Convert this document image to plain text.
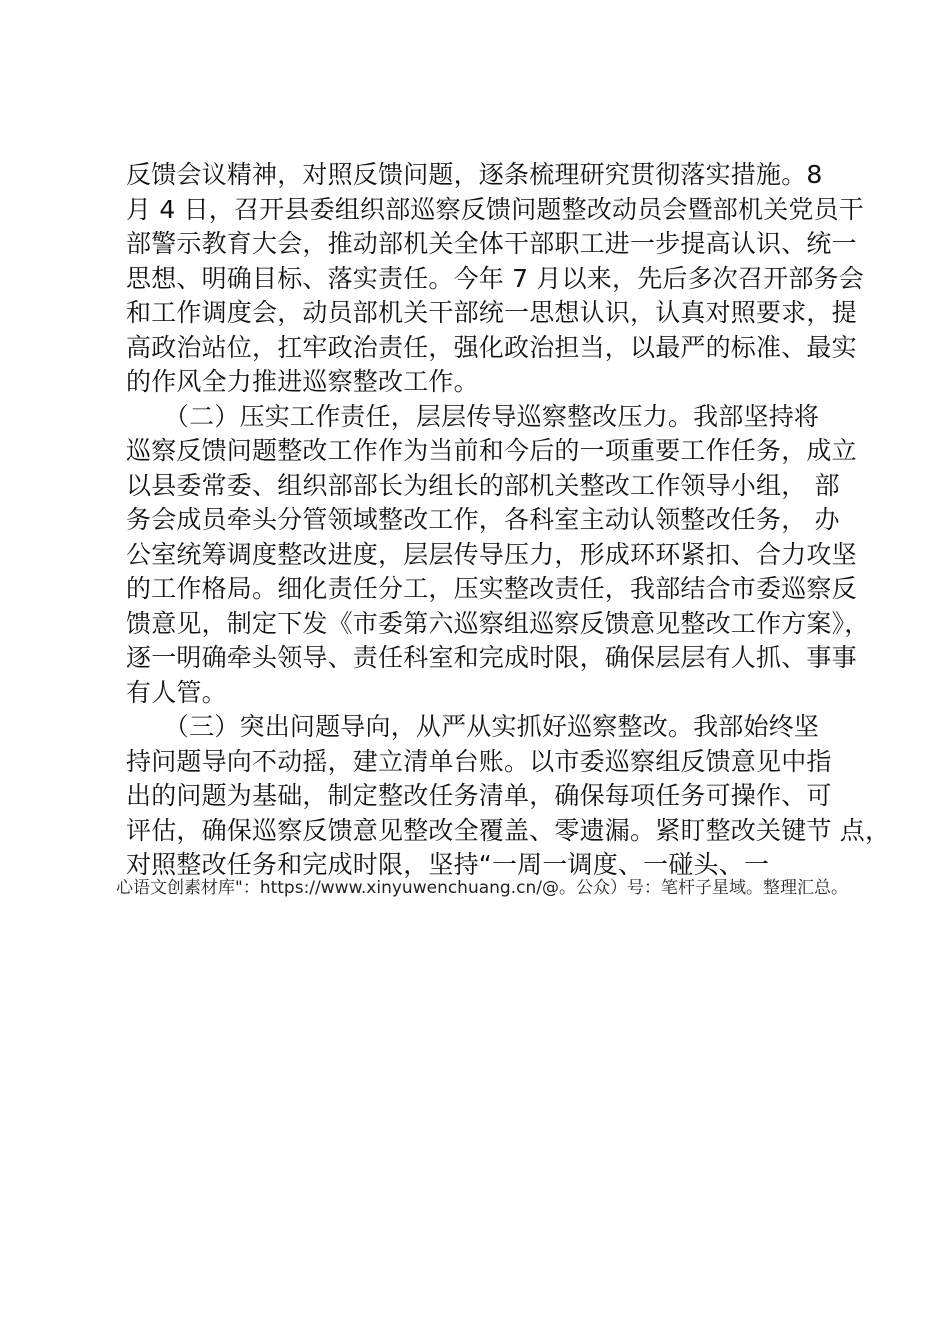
反馈会议精神，对照反馈问题，逐条梳理研究贯彻落实措施。8
月 4 日，召开县委组织部巡察反馈问题整改动员会暨部机关党员干
部警示教育大会，推动部机关全体干部职工进一步提高认识、统一
思想、明确目标、落实责任。今年 7 月以来，先后多次召开部务会
和工作调度会，动员部机关干部统一思想认识，认真对照要求，提
高政治站位，扛牢政治责任，强化政治担当，以最严的标准、最实
的作风全力推进巡察整改工作。
　　（二）压实工作责任，层层传导巡察整改压力。我部坚持将
巡察反馈问题整改工作作为当前和今后的一项重要工作任务，成立
以县委常委、组织部部长为组长的部机关整改工作领导小组， 部
务会成员牵头分管领域整改工作，各科室主动认领整改任务， 办
公室统筹调度整改进度，层层传导压力，形成环环紧扣、合力攻坚
的工作格局。细化责任分工，压实整改责任，我部结合市委巡察反
馈意见，制定下发《市委第六巡察组巡察反馈意见整改工作方案》，
逐一明确牵头领导、责任科室和完成时限，确保层层有人抓、事事
有人管。
　　（三）突出问题导向，从严从实抓好巡察整改。我部始终坚
持问题导向不动摇，建立清单台账。以市委巡察组反馈意见中指
出的问题为基础，制定整改任务清单，确保每项任务可操作、可
评估，确保巡察反馈意见整改全覆盖、零遗漏。紧盯整改关键节 点，
对照整改任务和完成时限，坚持“一周一调度、一碰头、一
心语文创素材库"：https://www.xinyuwenchuang.cn/@。公众）号：笔杆子星域。整理汇总。
